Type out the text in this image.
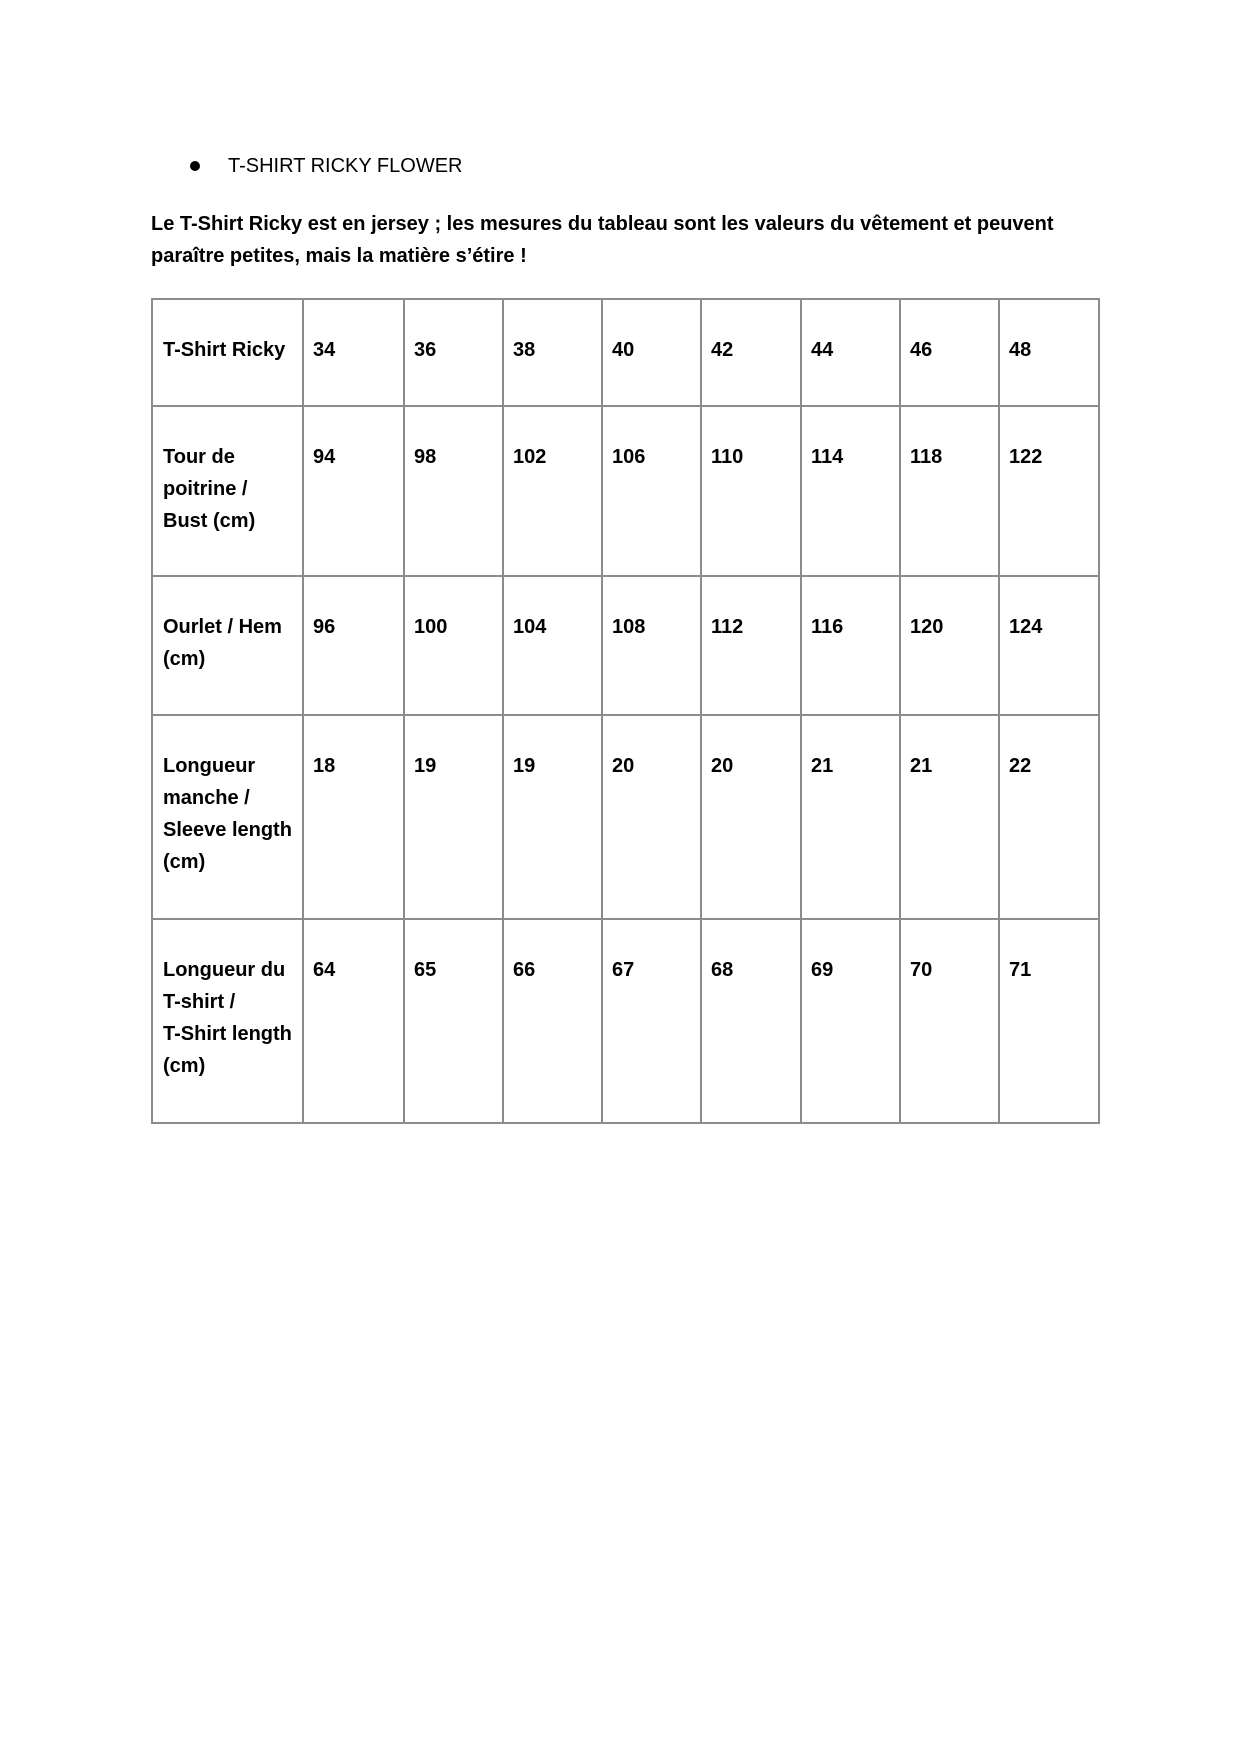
T-SHIRT RICKY FLOWER
Le T-Shirt Ricky est en jersey ; les mesures du tableau sont les valeurs du vêtement et peuvent
paraître petites, mais la matière s’étire !
T-Shirt Ricky	34	36	38	40	42	44	46	48

Tour de
poitrine /
Bust (cm)	94	98	102	106	110	114	118	122

Ourlet / Hem
(cm)	96	100	104	108	112	116	120	124

Longueur
manche /
Sleeve length
(cm)	18	19	19	20	20	21	21	22

Longueur du
T-shirt /
T-Shirt length
(cm)	64	65	66	67	68	69	70	71
